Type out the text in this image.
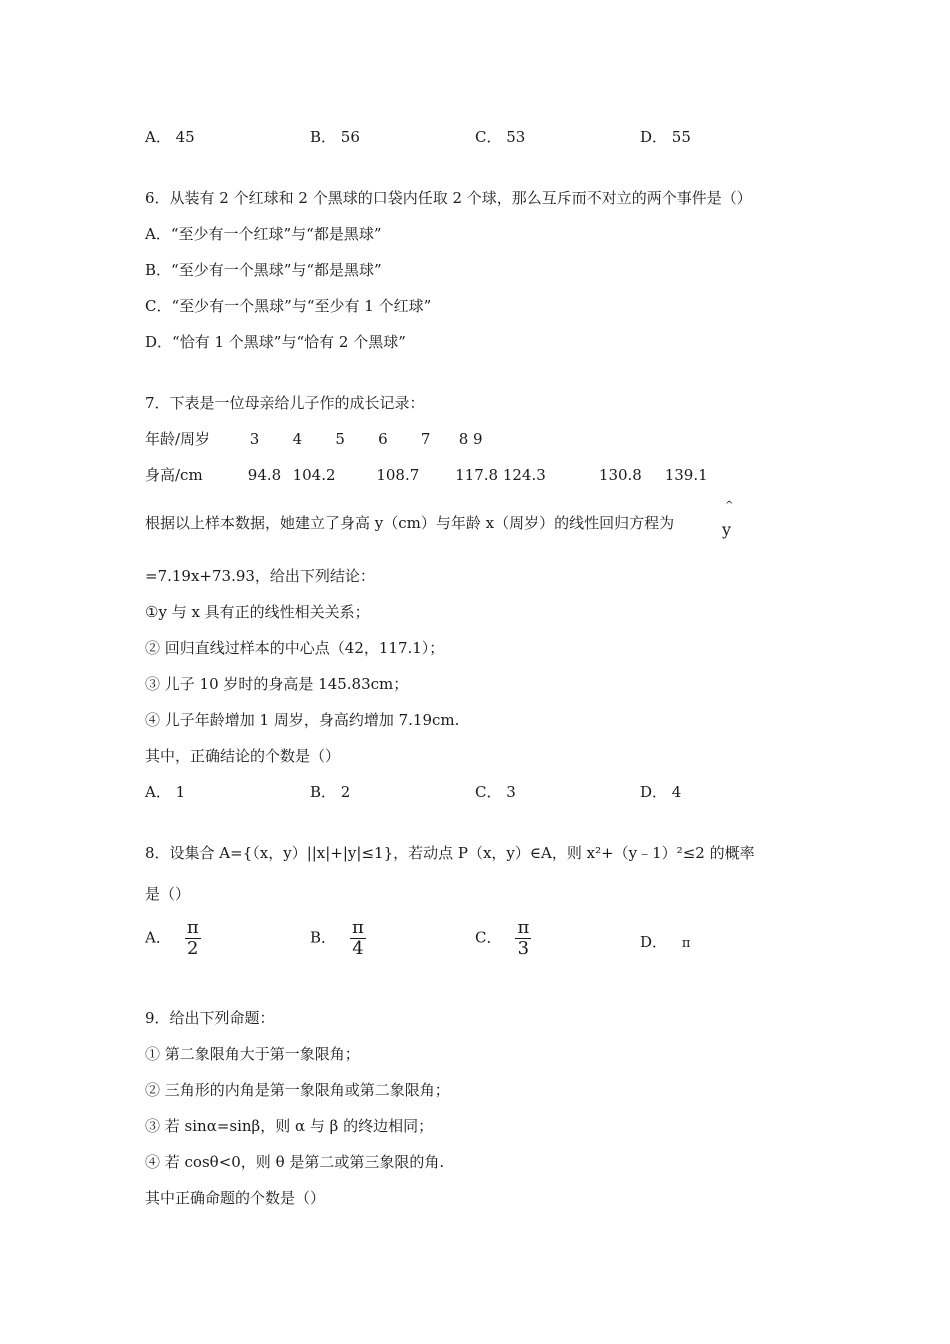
A． 45	B． 56	C． 53	D． 55
6．从装有 2 个红球和 2 个黑球的口袋内任取 2 个球，那么互斥而不对立的两个事件是（）
A．“至少有一个红球”与“都是黑球”
B．“至少有一个黑球”与“都是黑球”
C．“至少有一个黑球”与“至少有 1 个红球”
D．“恰有 1 个黑球”与“恰有 2 个黑球”
7．下表是一位母亲给儿子作的成长记录：
年龄/周岁	3 4 5 6 7 8 9
身高/cm	94.8 104.2	108.7 117.8 124.3	130.8 139.1
根据以上样本数据，她建立了身高 y（cm）与年龄 x（周岁）的线性回归方程为
^
y
=7.19x+73.93，给出下列结论：
①y 与 x 具有正的线性相关关系；
② 回归直线过样本的中心点（42，117.1）；
③ 儿子 10 岁时的身高是 145.83cm；
④ 儿子年龄增加 1 周岁，身高约增加 7.19cm.
其中，正确结论的个数是（）
A． 1	B． 2	C． 3	D． 4
8．设集合 A={（x，y）||x|+|y|≤1}，若动点 P（x，y）∈A，则 x²+（y﹣1）²≤2 的概率
是（）
A． $\frac{\pi}{2}$	B． $\frac{\pi}{4}$	C． $\frac{\pi}{3}$	D． π
9．给出下列命题：
① 第二象限角大于第一象限角；
② 三角形的内角是第一象限角或第二象限角；
③ 若 sinα=sinβ，则 α 与 β 的终边相同；
④ 若 cosθ<0，则 θ 是第二或第三象限的角.
其中正确命题的个数是（）
